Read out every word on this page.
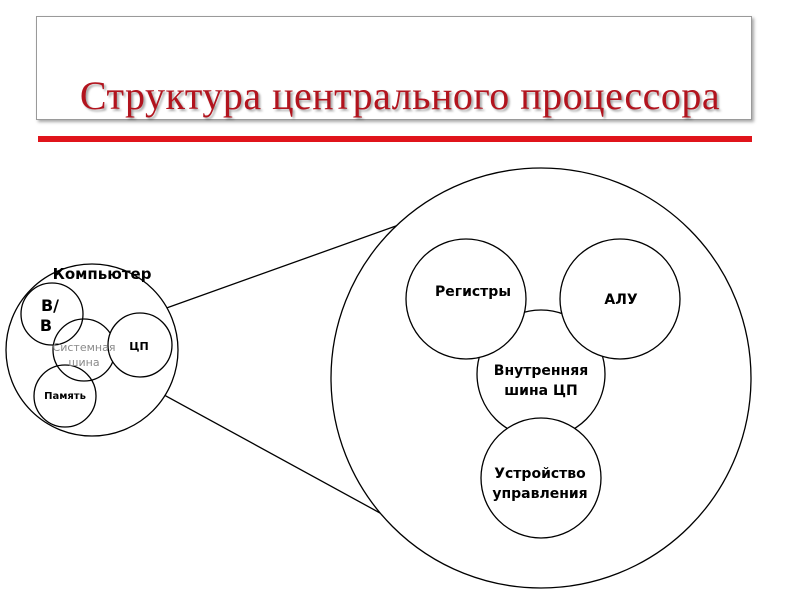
Структура центрального процессора
Компьютер
В/
В
Системная
шина
ЦП
Память
Регистры	АЛУ
Внутренняя
шина ЦП
Устройство
управления
